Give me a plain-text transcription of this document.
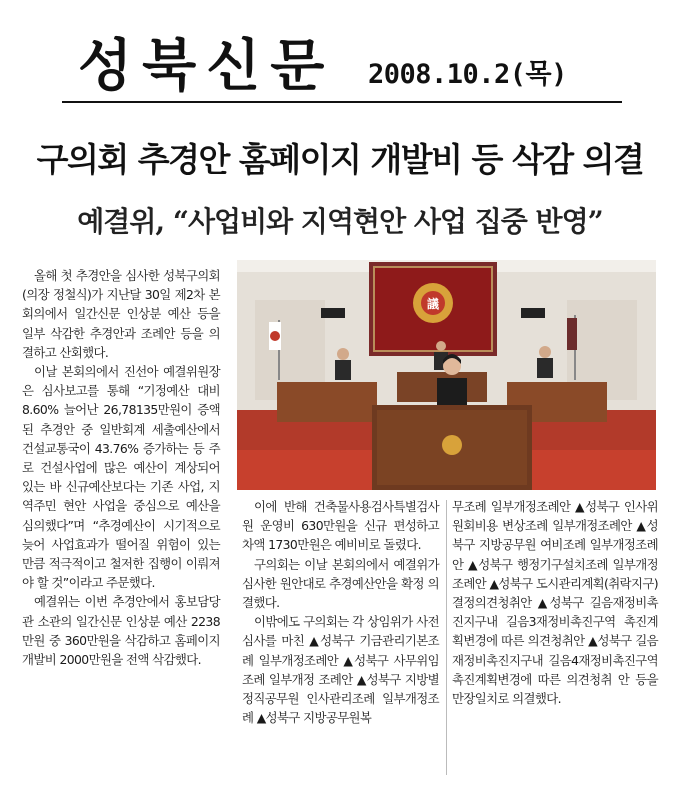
성북신문 2008.10.2(목)
구의회 추경안 홈페이지 개발비 등 삭감 의결
예결위, “사업비와 지역현안 사업 집중 반영”

올해 첫 추경안을 심사한 성북구의회(의장 정철식)가 지난달 30일 제2차 본회의에서 일간신문 인상분 예산 등을 일부 삭감한 추경안과 조례안 등을 의결하고 산회했다.

이날 본회의에서 진선아 예결위원장은 심사보고를 통해 “기정예산 대비 8.60% 늘어난 26,78135만원이 증액된 추경안 중 일반회계 세출예산에서 건설교통국이 43.76% 증가하는 등 주로 건설사업에 많은 예산이 계상되어 있는 바 신규예산보다는 기존 사업, 지역주민 현안 사업을 중심으로 예산을 심의했다”며 “추경예산이 시기적으로 늦어 사업효과가 떨어질 위험이 있는 만큼 적극적이고 철저한 집행이 이뤄져야 할 것”이라고 주문했다.

예결위는 이번 추경안에서 홍보담당관 소관의 일간신문 인상분 예산 2238만원 중 360만원을 삭감하고 홈페이지 개발비 2000만원을 전액 삭감했다.

議

이에 반해 건축물사용검사특별검사원 운영비 630만원을 신규 편성하고 차액 1730만원은 예비비로 돌렸다.

구의회는 이날 본회의에서 예결위가 심사한 원안대로 추경예산안을 확정 의결했다.

이밖에도 구의회는 각 상임위가 사전 심사를 마친 ▲성북구 기금관리기본조례 일부개정조례안 ▲성북구 사무위임조례 일부개정 조례안 ▲성북구 지방별정직공무원 인사관리조례 일부개정조례 ▲성북구 지방공무원복

무조례 일부개정조례안 ▲성북구 인사위원회비용 변상조례 일부개정조례안 ▲성북구 지방공무원 여비조례 일부개정조례안 ▲성북구 행정기구설치조례 일부개정조례안 ▲성북구 도시관리계획(취락지구) 결정의견청취안 ▲성북구 길음재정비촉진지구내 길음3재정비촉진구역 촉진계획변경에 따른 의견청취안 ▲성북구 길음재정비촉진지구내 길음4재정비촉진구역 촉진계획변경에 따른 의견청취 안 등을 만장일치로 의결했다.
